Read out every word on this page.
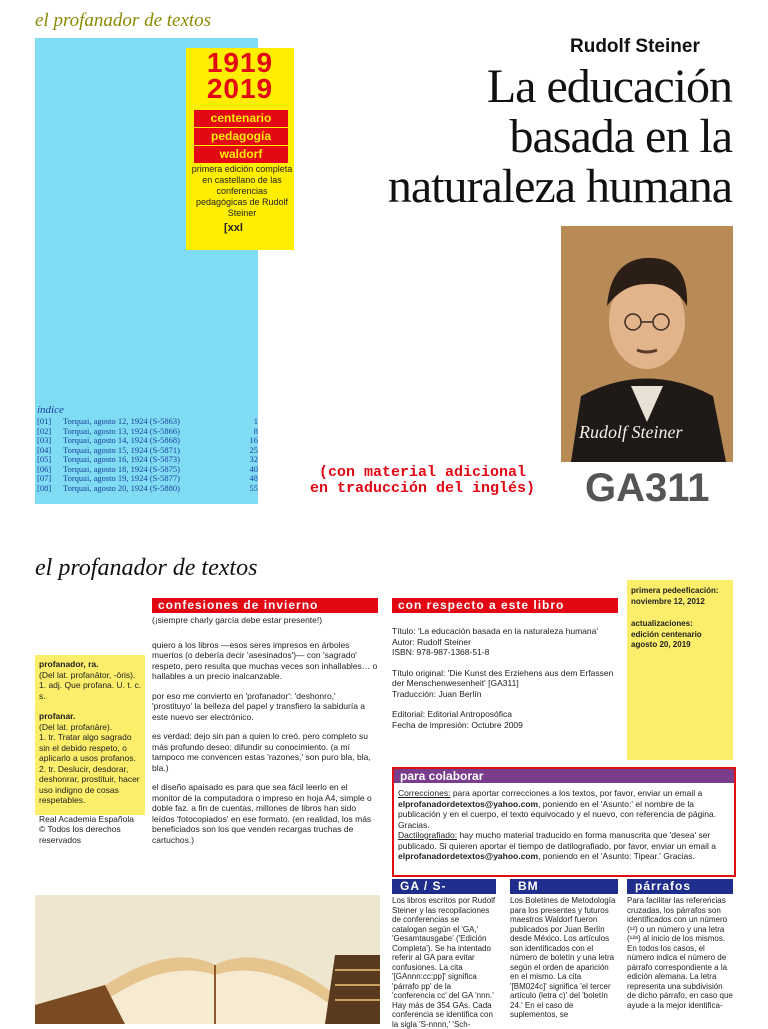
el profanador de textos
1919
2019
centenario
pedagogía
waldorf
primera edición completa en castellano de las conferencias pedagógicas de Rudolf Steiner
[xxl
índice
[01]	Torquai, agosto 12, 1924 (S-5863)	1
[02]	Torquai, agosto 13, 1924 (S-5866)	8
[03]	Torquai, agosto 14, 1924 (S-5868)	16
[04]	Torquai, agosto 15, 1924 (S-5871)	25
[05]	Torquai, agosto 16, 1924 (S-5873)	32
[06]	Torquai, agosto 18, 1924 (S-5875)	40
[07]	Torquai, agosto 19, 1924 (S-5877)	48
[08]	Torquai, agosto 20, 1924 (S-5880)	55
Rudolf Steiner
La educación
basada en la
naturaleza humana
Rudolf Steiner
(con material adicional
en traducción del inglés)	GA311
el profanador de textos
profanador, ra.
(Del lat. profanātor, -ōris).
1. adj. Que profana. U. t. c. s.
profanar.
(Del lat. profanāre).
1. tr. Tratar algo sagrado sin el debido respeto, o aplicarlo a usos profanos.
2. tr. Deslucir, desdorar, deshonrar, prostituir, hacer uso indigno de cosas respetables.
Real Academia Española © Todos los derechos reservados
confesiones de invierno

(¡siempre charly garcía debe estar presente!)

quiero a los libros —esos seres impresos en árboles muertos (o debería decir 'asesinados')— con 'sagrado' respeto, pero resulta que muchas veces son inhallables… o hallables a un precio inalcanzable.

por eso me convierto en 'profanador': 'deshonro,' 'prostituyo' la belleza del papel y transfiero la sabiduría a este nuevo ser electrónico.

es verdad: dejo sin pan a quien lo creó. pero completo su más profundo deseo: difundir su conocimiento. (a mí tampoco me convencen estas 'razones,' son puro bla, bla, bla.)

el diseño apaisado es para que sea fácil leerlo en el monitor de la computadora o impreso en hoja A4, simple o doble faz. a fin de cuentas, millones de libros han sido leídos 'fotocopiados' en ese formato. (en realidad, los más beneficiados son los que venden recargas truchas de cartuchos.)

con respecto a este libro
Título: 'La educación basada en la naturaleza humana'
Autor: Rudolf Steiner
ISBN: 978-987-1368-51-8
Título original: 'Die Kunst des Erziehens aus dem Erfassen der Menschenwesenheit' [GA311]
Traducción: Juan Berlín
Editorial: Editorial Antroposófica
Fecha de impresión: Octubre 2009
primera pedeeficación:
noviembre 12, 2012
actualizaciones:
edición centenario
agosto 20, 2019
para colaborar
Correcciones: para aportar correcciones a los textos, por favor, enviar un email a elprofanadordetextos@yahoo.com, poniendo en el 'Asunto:' el nombre de la publicación y en el cuerpo, el texto equivocado y el nuevo, con referencia de página. Gracias.
Dactilografiado: hay mucho material traducido en forma manuscrita que 'desea' ser publicado. Si quieren aportar el tiempo de datilografiado, por favor, enviar un email a elprofanadordetextos@yahoo.com, poniendo en el 'Asunto: Tipear.' Gracias.
GA / S-
Los libros escritos por Rudolf Steiner y las recopilaciones de conferencias se catalogan según el 'GA,' 'Gesamtausgabe' ('Edición Completa'). Se ha intentado referir al GA para evitar confusiones. La cita '[GAnnn:cc:pp]' significa 'párrafo pp' de la 'conferencia cc' del GA 'nnn.' Hay más de 354 GAs. Cada conferencia se identifica con la sigla 'S-nnnn,' 'Sch-
BM
Los Boletines de Metodología para los presentes y futuros maestros Waldorf fueron publicados por Juan Berlín desde México. Los artículos son identificados con el número de boletín y una letra según el orden de aparición en el mismo. La cita '[BM024c]' significa 'el tercer artículo (letra c)' del 'boletín 24.' En el caso de suplementos, se
párrafos
Para facilitar las referencias cruzadas, los párrafos son identificados con un número (¹²) o un número y una letra (¹²ᵃ) al inicio de los mismos. En todos los casos, el número indica el número de párrafo correspondiente a la edición alemana. La letra representa una subdivisión de dicho párrafo, en caso que ayude a la mejor identifica-
